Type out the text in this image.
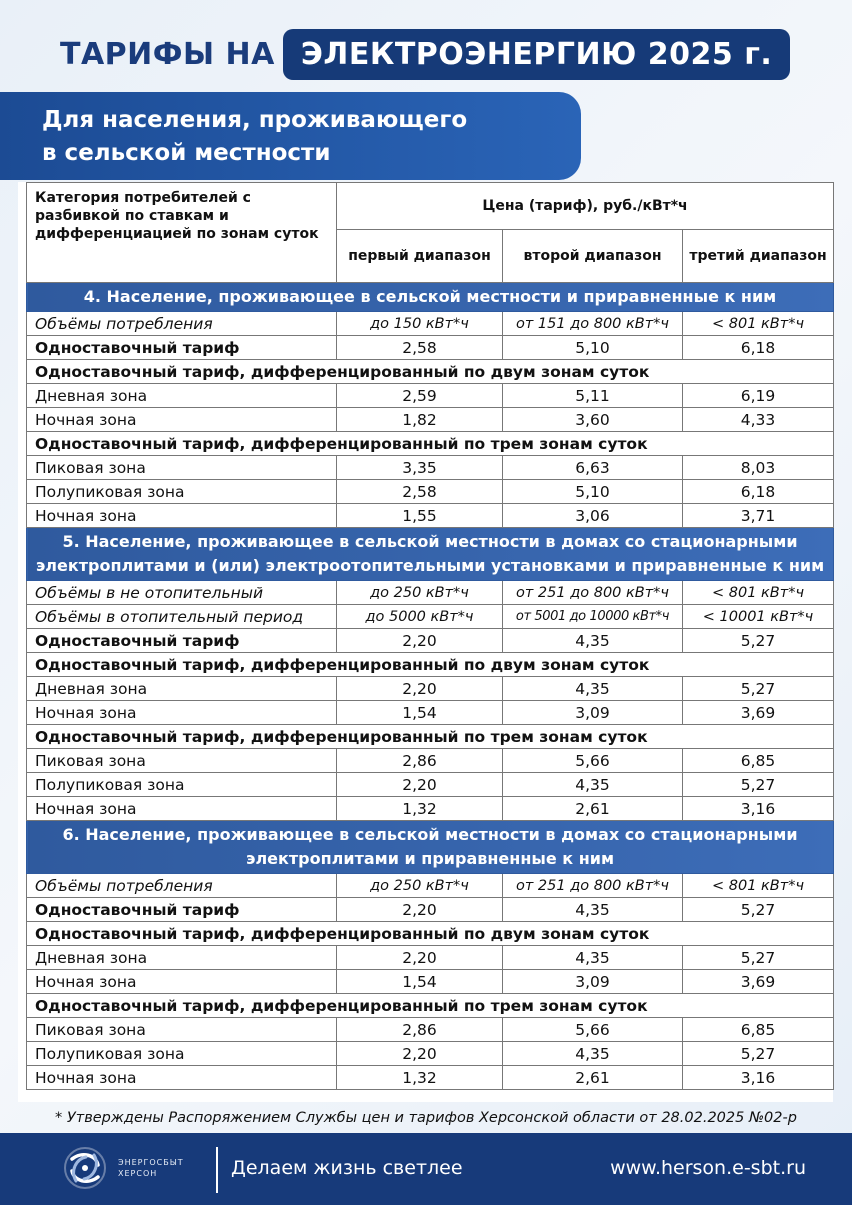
ТАРИФЫ НА ЭЛЕКТРОЭНЕРГИЮ 2025 г.
Для населения, проживающего
в сельской местности
Категория потребителей с разбивкой по ставкам и дифференциацией по зонам суток	Цена (тариф), руб./кВт*ч		
	первый диапазон	второй диапазон	третий диапазон
4. Население, проживающее в сельской местности и приравненные к ним			
Объёмы потребления	до 150 кВт*ч	от 151 до 800 кВт*ч	< 801 кВт*ч
Одноставочный тариф	2,58	5,10	6,18
Одноставочный тариф, дифференцированный по двум зонам суток			
Дневная зона	2,59	5,11	6,19
Ночная зона	1,82	3,60	4,33
Одноставочный тариф, дифференцированный по трем зонам суток			
Пиковая зона	3,35	6,63	8,03
Полупиковая зона	2,58	5,10	6,18
Ночная зона	1,55	3,06	3,71
5. Население, проживающее в сельской местности в домах со стационарными электроплитами и (или) электроотопительными установками и приравненные к ним			
Объёмы в не отопительный	до 250 кВт*ч	от 251 до 800 кВт*ч	< 801 кВт*ч
Объёмы в отопительный период	до 5000 кВт*ч	от 5001 до 10000 кВт*ч	< 10001 кВт*ч
Одноставочный тариф	2,20	4,35	5,27
Одноставочный тариф, дифференцированный по двум зонам суток			
Дневная зона	2,20	4,35	5,27
Ночная зона	1,54	3,09	3,69
Одноставочный тариф, дифференцированный по трем зонам суток			
Пиковая зона	2,86	5,66	6,85
Полупиковая зона	2,20	4,35	5,27
Ночная зона	1,32	2,61	3,16
6. Население, проживающее в сельской местности в домах со стационарными электроплитами и приравненные к ним			
Объёмы потребления	до 250 кВт*ч	от 251 до 800 кВт*ч	< 801 кВт*ч
Одноставочный тариф	2,20	4,35	5,27
Одноставочный тариф, дифференцированный по двум зонам суток			
Дневная зона	2,20	4,35	5,27
Ночная зона	1,54	3,09	3,69
Одноставочный тариф, дифференцированный по трем зонам суток			
Пиковая зона	2,86	5,66	6,85
Полупиковая зона	2,20	4,35	5,27
Ночная зона	1,32	2,61	3,16
* Утверждены Распоряжением Службы цен и тарифов Херсонской области от 28.02.2025 №02-р
ЭНЕРГОСБЫТ
ХЕРСОН	Делаем жизнь светлее	www.herson.e-sbt.ru
